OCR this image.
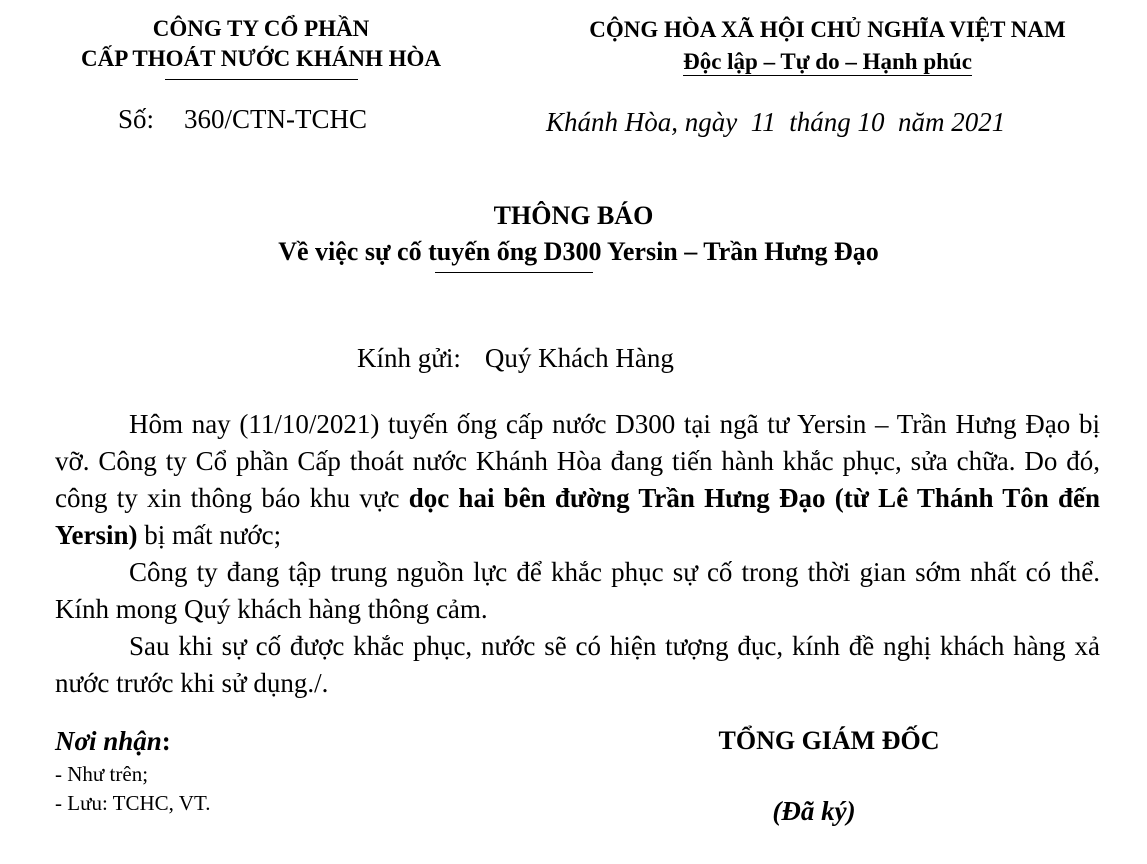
CÔNG TY CỔ PHẦN
CẤP THOÁT NƯỚC KHÁNH HÒA
CỘNG HÒA XÃ HỘI CHỦ NGHĨA VIỆT NAM
Độc lập – Tự do – Hạnh phúc
Số: 360/CTN-TCHC	Khánh Hòa, ngày  11  tháng 10  năm 2021
THÔNG BÁO
Về việc sự cố tuyến ống D300 Yersin – Trần Hưng Đạo
Kính gửi: Quý Khách Hàng

Hôm nay (11/10/2021) tuyến ống cấp nước D300 tại ngã tư Yersin – Trần Hưng Đạo bị vỡ. Công ty Cổ phần Cấp thoát nước Khánh Hòa đang tiến hành khắc phục, sửa chữa. Do đó, công ty xin thông báo khu vực dọc hai bên đường Trần Hưng Đạo (từ Lê Thánh Tôn đến Yersin) bị mất nước;

Công ty đang tập trung nguồn lực để khắc phục sự cố trong thời gian sớm nhất có thể. Kính mong Quý khách hàng thông cảm.

Sau khi sự cố được khắc phục, nước sẽ có hiện tượng đục, kính đề nghị khách hàng xả nước trước khi sử dụng./.

Nơi nhận:
- Như trên;
- Lưu: TCHC, VT.
TỔNG GIÁM ĐỐC
(Đã ký)
